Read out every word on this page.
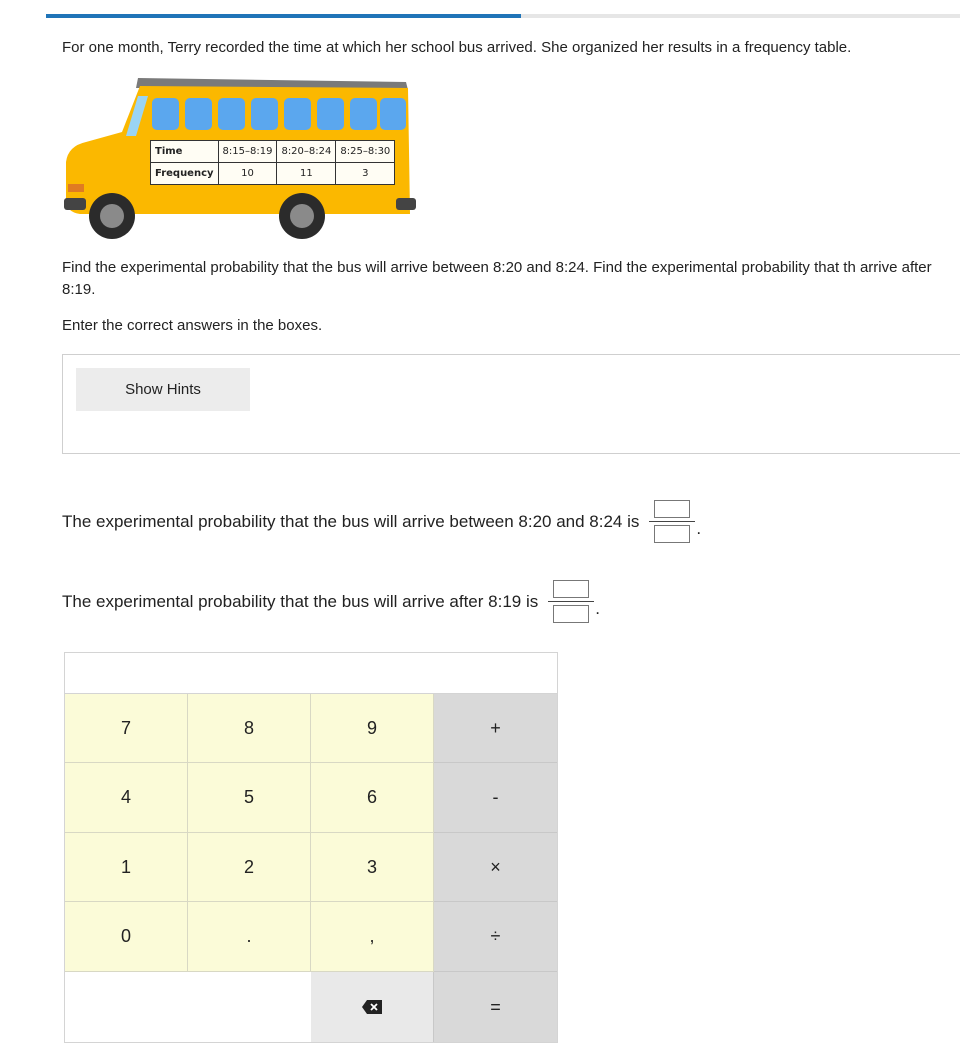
For one month, Terry recorded the time at which her school bus arrived. She organized her results in a frequency table.
Time	8:15–8:19	8:20–8:24	8:25–8:30
Frequency	10	11	3
Find the experimental probability that the bus will arrive between 8:20 and 8:24. Find the experimental probability that th arrive after 8:19.
Enter the correct answers in the boxes.
Show Hints
The experimental probability that the bus will arrive between 8:20 and 8:24 is	.
The experimental probability that the bus will arrive after 8:19 is	.
7	8	9	+
4	5	6	-
1	2	3	×
0	.	,	÷
=
